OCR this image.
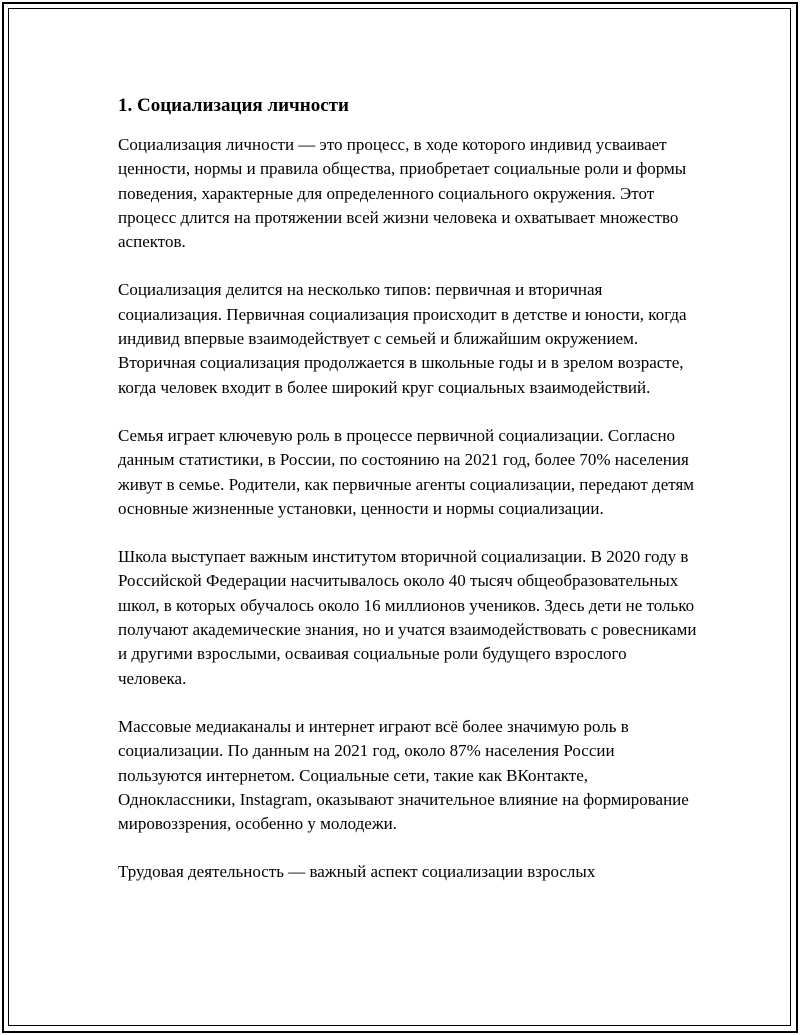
1. Социализация личности

Социализация личности — это процесс, в ходе которого индивид усваивает ценности, нормы и правила общества, приобретает социальные роли и формы поведения, характерные для определенного социального окружения. Этот процесс длится на протяжении всей жизни человека и охватывает множество аспектов.

Социализация делится на несколько типов: первичная и вторичная социализация. Первичная социализация происходит в детстве и юности, когда индивид впервые взаимодействует с семьей и ближайшим окружением. Вторичная социализация продолжается в школьные годы и в зрелом возрасте, когда человек входит в более широкий круг социальных взаимодействий.

Семья играет ключевую роль в процессе первичной социализации. Согласно данным статистики, в России, по состоянию на 2021 год, более 70% населения живут в семье. Родители, как первичные агенты социализации, передают детям основные жизненные установки, ценности и нормы социализации.

Школа выступает важным институтом вторичной социализации. В 2020 году в Российской Федерации насчитывалось около 40 тысяч общеобразовательных школ, в которых обучалось около 16 миллионов учеников. Здесь дети не только получают академические знания, но и учатся взаимодействовать с ровесниками и другими взрослыми, осваивая социальные роли будущего взрослого человека.

Массовые медиаканалы и интернет играют всё более значимую роль в социализации. По данным на 2021 год, около 87% населения России пользуются интернетом. Социальные сети, такие как ВКонтакте, Одноклассники, Instagram, оказывают значительное влияние на формирование мировоззрения, особенно у молодежи.

Трудовая деятельность — важный аспект социализации взрослых
